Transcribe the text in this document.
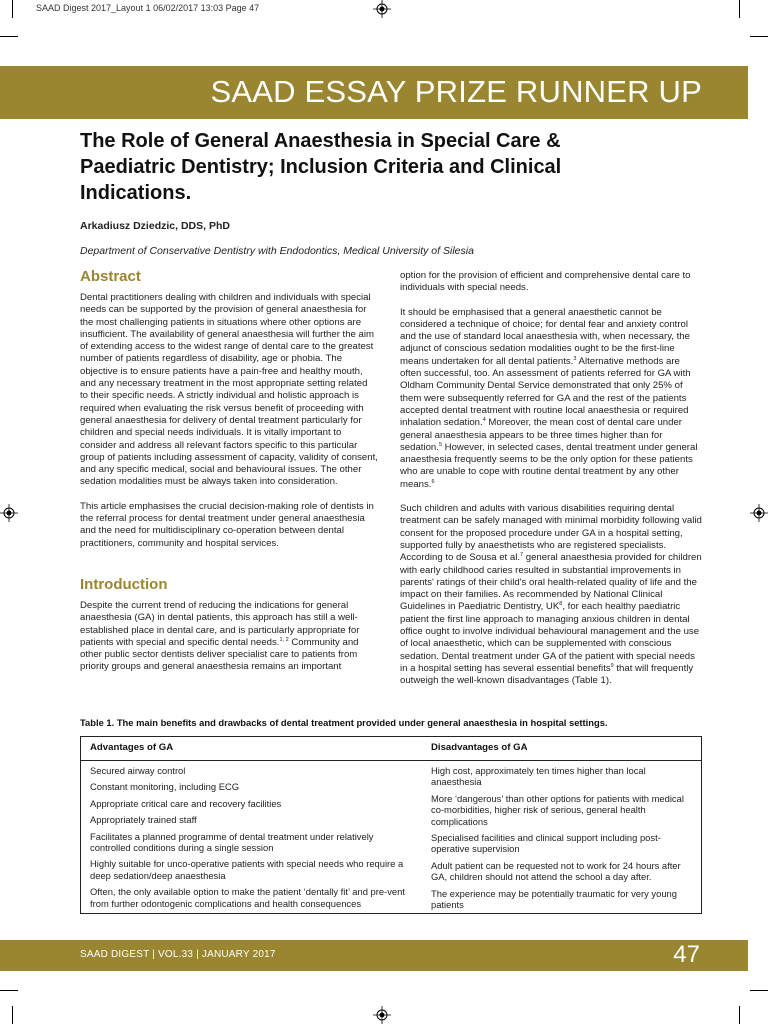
SAAD Digest 2017_Layout 1 06/02/2017 13:03 Page 47
SAAD ESSAY PRIZE RUNNER UP
The Role of General Anaesthesia in Special Care & Paediatric Dentistry; Inclusion Criteria and Clinical Indications.
Arkadiusz Dziedzic, DDS, PhD
Department of Conservative Dentistry with Endodontics, Medical University of Silesia
Abstract

Dental practitioners dealing with children and individuals with special needs can be supported by the provision of general anaesthesia for the most challenging patients in situations where other options are insufficient. The availability of general anaesthesia will further the aim of extending access to the widest range of dental care to the greatest number of patients regardless of disability, age or phobia. The objective is to ensure patients have a pain-free and healthy mouth, and any necessary treatment in the most appropriate setting related to their specific needs. A strictly individual and holistic approach is required when evaluating the risk versus benefit of proceeding with general anaesthesia for delivery of dental treatment particularly for children and special needs individuals. It is vitally important to consider and address all relevant factors specific to this particular group of patients including assessment of capacity, validity of consent, and any specific medical, social and behavioural issues. The other sedation modalities must be always taken into consideration.

This article emphasises the crucial decision-making role of dentists in the referral process for dental treatment under general anaesthesia and the need for multidisciplinary co-operation between dental practitioners, community and hospital services.

Introduction

Despite the current trend of reducing the indications for general anaesthesia (GA) in dental patients, this approach has still a well-established place in dental care, and is particularly appropriate for patients with special and specific dental needs.$^{1, 2}$ Community and other public sector dentists deliver specialist care to patients from priority groups and general anaesthesia remains an important

option for the provision of efficient and comprehensive dental care to individuals with special needs.

It should be emphasised that a general anaesthetic cannot be considered a technique of choice; for dental fear and anxiety control and the use of standard local anaesthesia with, when necessary, the adjunct of conscious sedation modalities ought to be the first-line means undertaken for all dental patients.$^3$ Alternative methods are often successful, too. An assessment of patients referred for GA with Oldham Community Dental Service demonstrated that only 25% of them were subsequently referred for GA and the rest of the patients accepted dental treatment with routine local anaesthesia or required inhalation sedation.$^4$ Moreover, the mean cost of dental care under general anaesthesia appears to be three times higher than for sedation.$^5$ However, in selected cases, dental treatment under general anaesthesia frequently seems to be the only option for these patients who are unable to cope with routine dental treatment by any other means.$^6$

Such children and adults with various disabilities requiring dental treatment can be safely managed with minimal morbidity following valid consent for the proposed procedure under GA in a hospital setting, supported fully by anaesthetists who are registered specialists. According to de Sousa et al.$^7$ general anaesthesia provided for children with early childhood caries resulted in substantial improvements in parents' ratings of their child's oral health-related quality of life and the impact on their families. As recommended by National Clinical Guidelines in Paediatric Dentistry, $UK^8$, for each healthy paediatric patient the first line approach to managing anxious children in dental office ought to involve individual behavioural management and the use of local anaesthetic, which can be supplemented with conscious sedation. Dental treatment under GA of the patient with special needs in a hospital setting has several essential benefits$^9$ that will frequently outweigh the well-known disadvantages (Table 1).

Table 1. The main benefits and drawbacks of dental treatment provided under general anaesthesia in hospital settings.
Advantages of GA	Disadvantages of GA
Secured airway control
Constant monitoring, including ECG
Appropriate critical care and recovery facilities
Appropriately trained staff
Facilitates a planned programme of dental treatment under relatively controlled conditions during a single session
Highly suitable for unco-operative patients with special needs who require a deep sedation/deep anaesthesia
Often, the only available option to make the patient ‘dentally fit’ and pre-vent from further odontogenic complications and health consequences
High cost, approximately ten times higher than local anaesthesia
More ‘dangerous’ than other options for patients with medical co-morbidities, higher risk of serious, general health complications
Specialised facilities and clinical support including post-operative supervision
Adult patient can be requested not to work for 24 hours after GA, children should not attend the school a day after.
The experience may be potentially traumatic for very young patients
SAAD DIGEST | VOL.33 | JANUARY 2017	47
